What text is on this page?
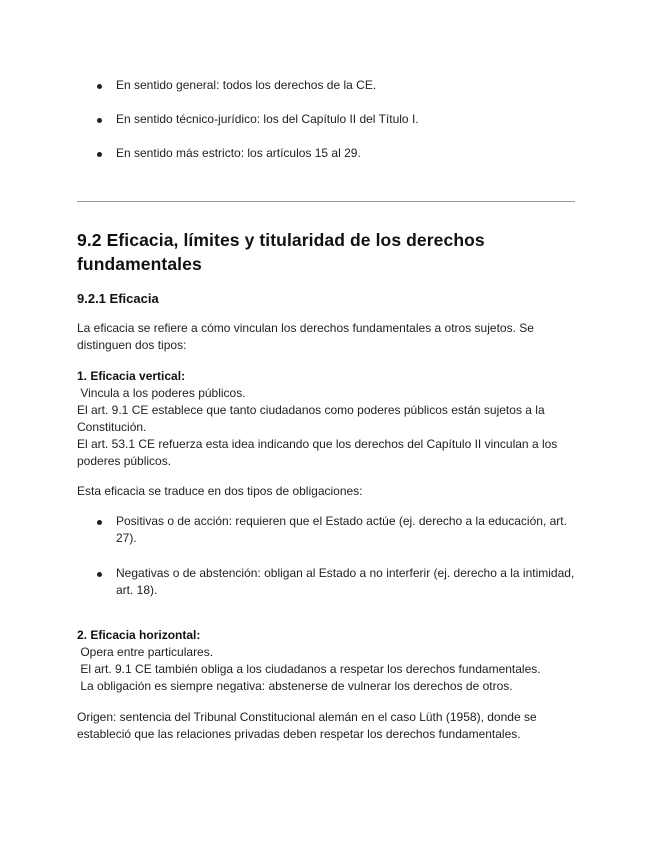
En sentido general: todos los derechos de la CE.
En sentido técnico-jurídico: los del Capítulo II del Título I.
En sentido más estricto: los artículos 15 al 29.
9.2 Eficacia, límites y titularidad de los derechos fundamentales
9.2.1 Eficacia
La eficacia se refiere a cómo vinculan los derechos fundamentales a otros sujetos. Se distinguen dos tipos:
1. Eficacia vertical:
Vincula a los poderes públicos.
El art. 9.1 CE establece que tanto ciudadanos como poderes públicos están sujetos a la Constitución.
El art. 53.1 CE refuerza esta idea indicando que los derechos del Capítulo II vinculan a los poderes públicos.
Esta eficacia se traduce en dos tipos de obligaciones:
Positivas o de acción: requieren que el Estado actúe (ej. derecho a la educación, art. 27).
Negativas o de abstención: obligan al Estado a no interferir (ej. derecho a la intimidad, art. 18).
2. Eficacia horizontal:
Opera entre particulares.
El art. 9.1 CE también obliga a los ciudadanos a respetar los derechos fundamentales.
La obligación es siempre negativa: abstenerse de vulnerar los derechos de otros.
Origen: sentencia del Tribunal Constitucional alemán en el caso Lüth (1958), donde se estableció que las relaciones privadas deben respetar los derechos fundamentales.
